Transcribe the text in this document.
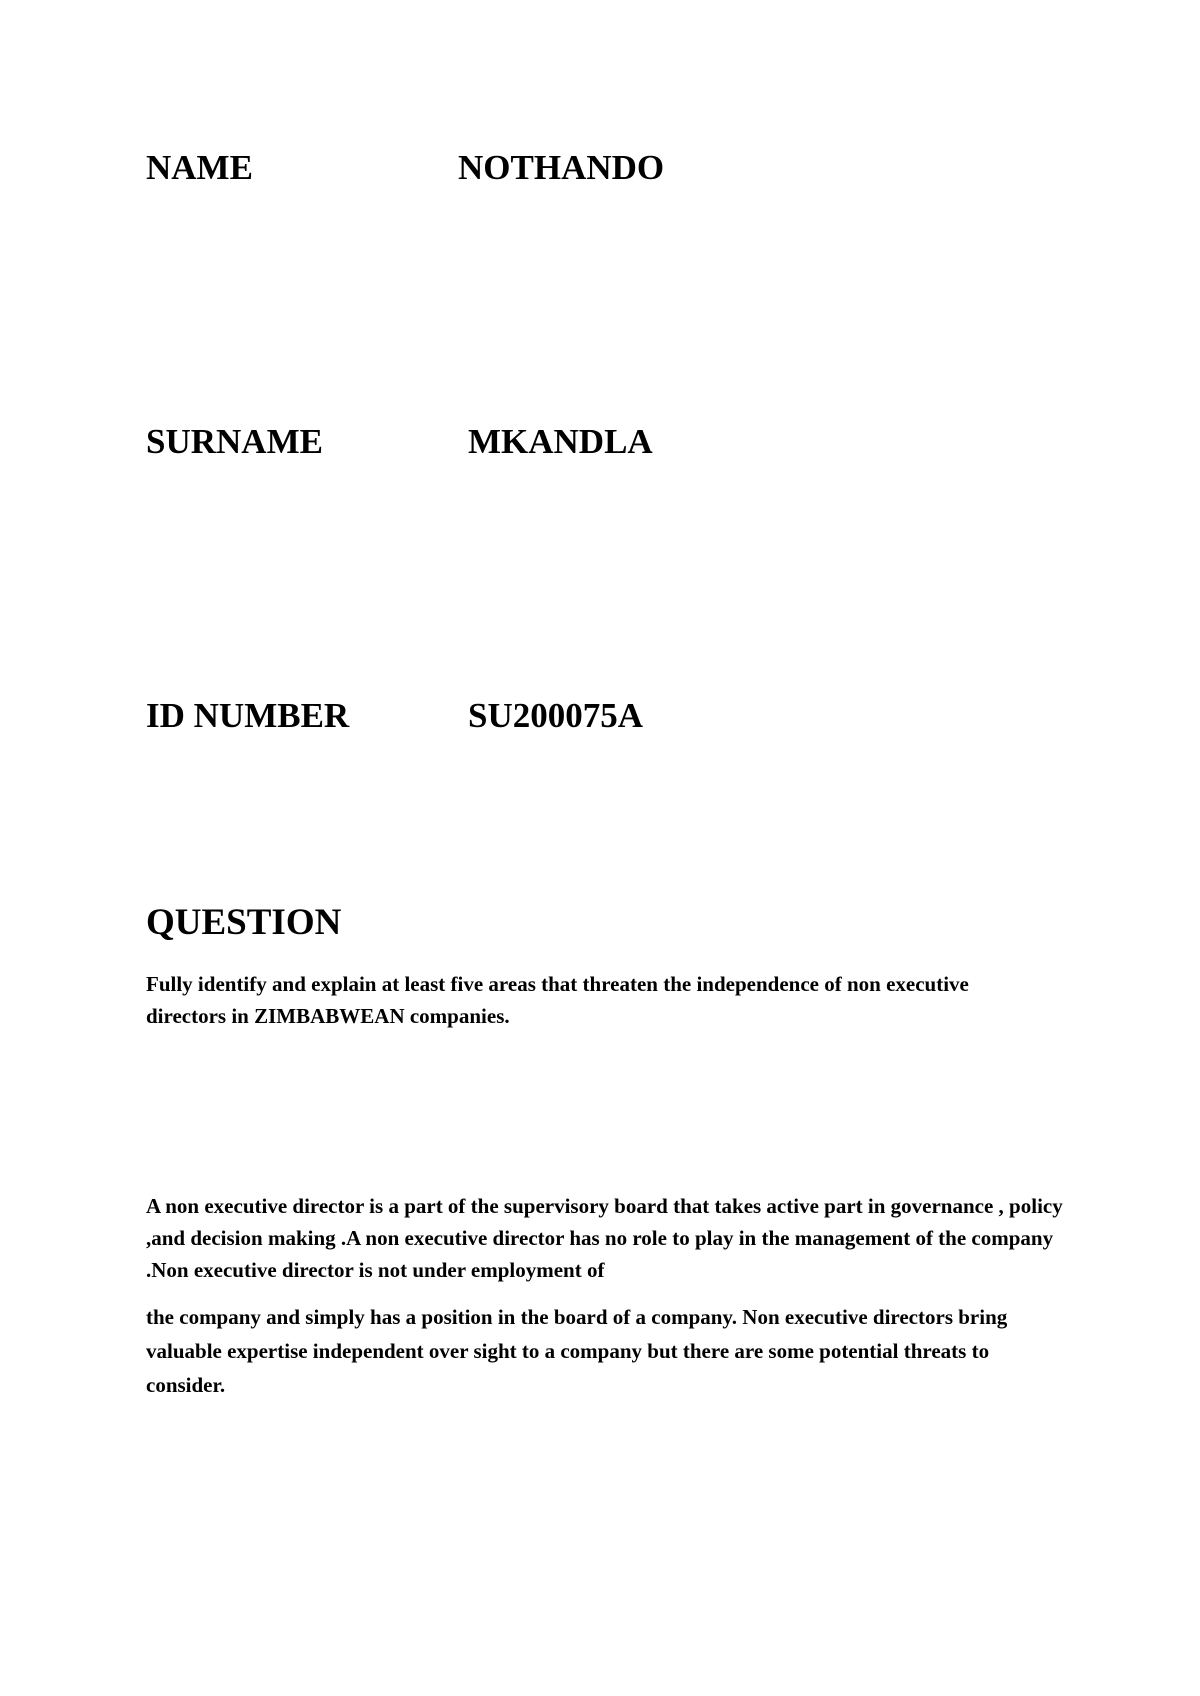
NAME	NOTHANDO
SURNAME	MKANDLA
ID NUMBER	SU200075A
QUESTION

Fully identify and explain at least five areas that threaten the independence of non executive directors in ZIMBABWEAN companies.

A non executive director is a part of the supervisory board that takes active part in governance , policy ,and decision making .A non executive director has no role to play in the management of the company .Non executive director is not under employment of

the company and simply has a position in the board of a company. Non executive directors bring valuable expertise independent over sight to a company but there are some potential threats to consider.
